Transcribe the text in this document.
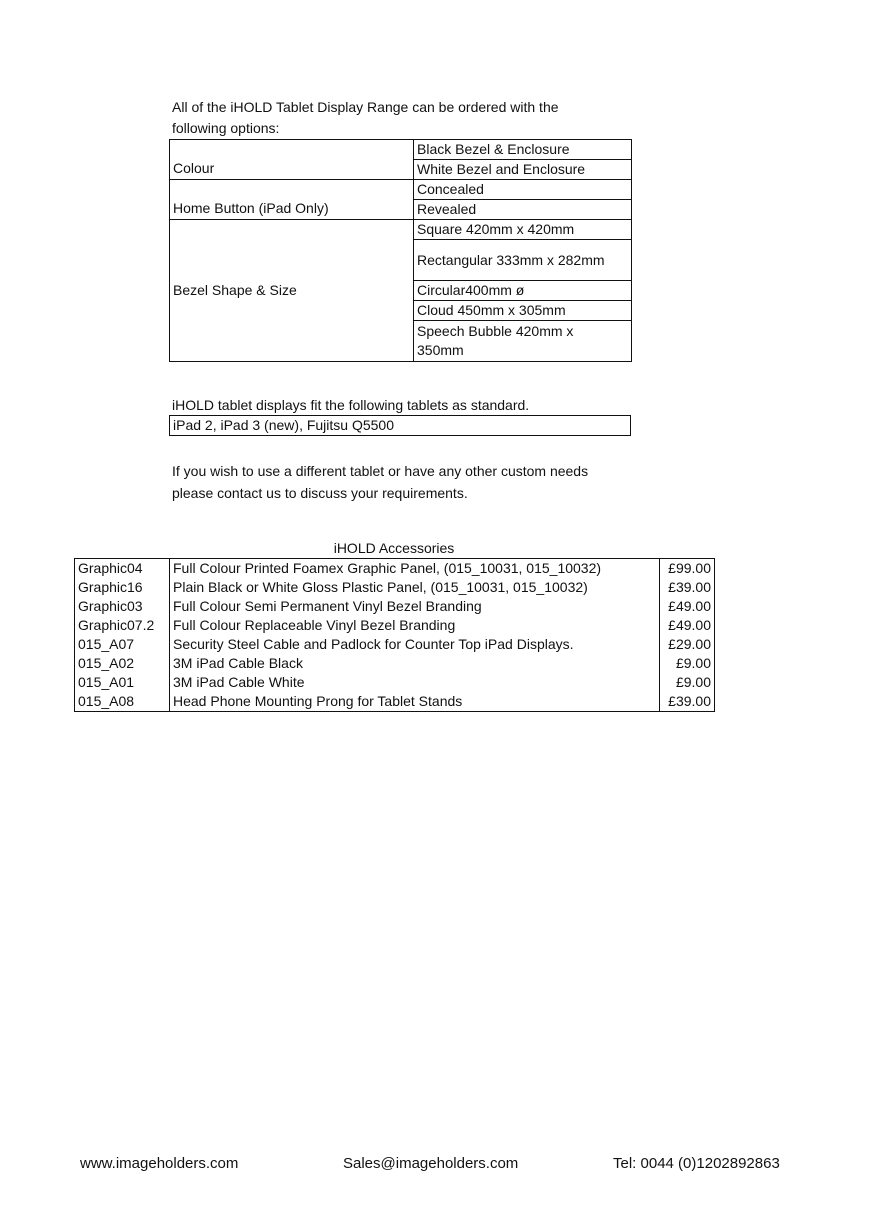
All of the iHOLD Tablet Display Range can be ordered with the
following options:
Colour	Black Bezel & Enclosure
	White Bezel and Enclosure
Home Button (iPad Only)	Concealed
	Revealed
Bezel Shape & Size	Square 420mm x 420mm
	Rectangular 333mm x 282mm
	Circular400mm ø
	Cloud 450mm x 305mm
	Speech Bubble 420mm x 350mm
iHOLD tablet displays fit the following tablets as standard.
iPad 2, iPad 3 (new), Fujitsu Q5500
If you wish to use a different tablet or have any other custom needs
please contact us to discuss your requirements.
iHOLD Accessories
Graphic04	Full Colour Printed Foamex Graphic Panel, (015_10031, 015_10032)	£99.00
Graphic16	Plain Black or White Gloss Plastic Panel, (015_10031, 015_10032)	£39.00
Graphic03	Full Colour Semi Permanent Vinyl Bezel Branding	£49.00
Graphic07.2	Full Colour Replaceable Vinyl Bezel Branding	£49.00
015_A07	Security Steel Cable and Padlock for Counter Top iPad Displays.	£29.00
015_A02	3M iPad Cable Black	£9.00
015_A01	3M iPad Cable White	£9.00
015_A08	Head Phone Mounting Prong for Tablet Stands	£39.00
www.imageholders.com	Sales@imageholders.com	Tel: 0044 (0)1202892863
